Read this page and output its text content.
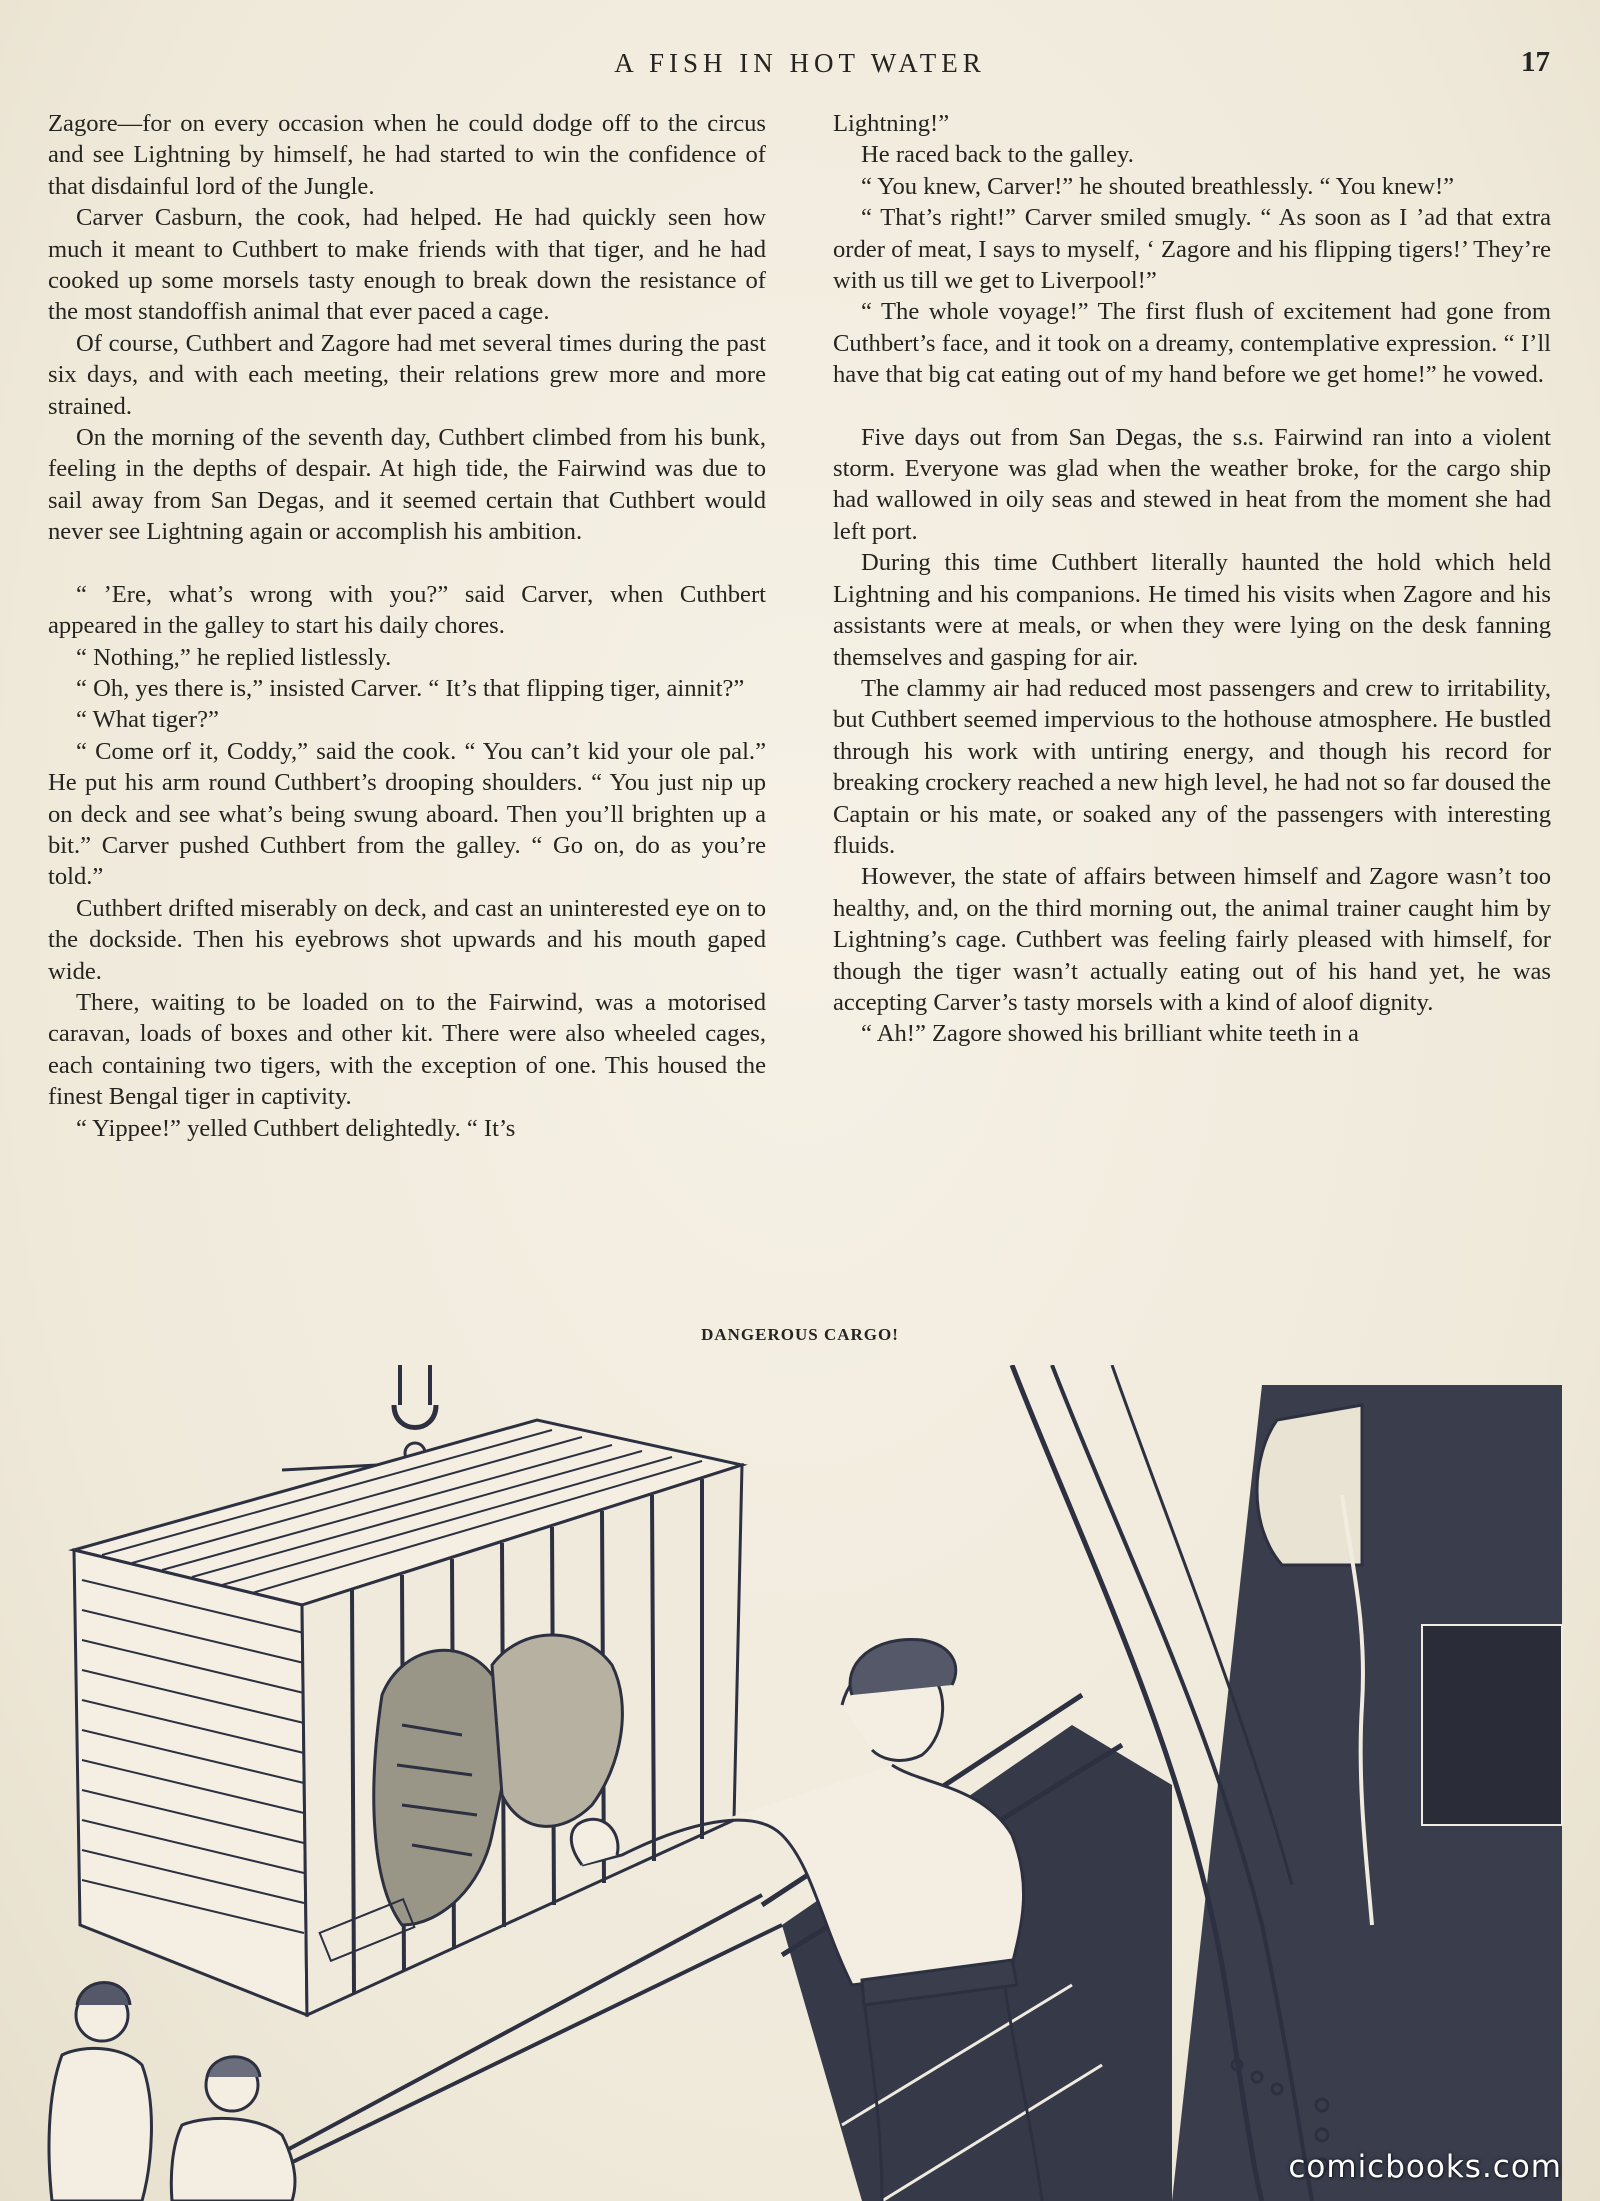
A FISH IN HOT WATER	17

Zagore—for on every occasion when he could dodge off to the circus and see Lightning by himself, he had started to win the confidence of that disdainful lord of the Jungle.

Carver Casburn, the cook, had helped. He had quickly seen how much it meant to Cuthbert to make friends with that tiger, and he had cooked up some morsels tasty enough to break down the resistance of the most standoffish animal that ever paced a cage.

Of course, Cuthbert and Zagore had met several times during the past six days, and with each meeting, their relations grew more and more strained.

On the morning of the seventh day, Cuthbert climbed from his bunk, feeling in the depths of despair. At high tide, the Fairwind was due to sail away from San Degas, and it seemed certain that Cuthbert would never see Lightning again or accomplish his ambition.

“ ’Ere, what’s wrong with you?” said Carver, when Cuthbert appeared in the galley to start his daily chores.

“ Nothing,” he replied listlessly.

“ Oh, yes there is,” insisted Carver. “ It’s that flipping tiger, ainnit?”

“ What tiger?”

“ Come orf it, Coddy,” said the cook. “ You can’t kid your ole pal.” He put his arm round Cuthbert’s drooping shoulders. “ You just nip up on deck and see what’s being swung aboard. Then you’ll brighten up a bit.” Carver pushed Cuthbert from the galley. “ Go on, do as you’re told.”

Cuthbert drifted miserably on deck, and cast an uninterested eye on to the dockside. Then his eyebrows shot upwards and his mouth gaped wide.

There, waiting to be loaded on to the Fairwind, was a motorised caravan, loads of boxes and other kit. There were also wheeled cages, each containing two tigers, with the exception of one. This housed the finest Bengal tiger in captivity.

“ Yippee!” yelled Cuthbert delightedly. “ It’s

Lightning!”

He raced back to the galley.

“ You knew, Carver!” he shouted breathlessly. “ You knew!”

“ That’s right!” Carver smiled smugly. “ As soon as I ’ad that extra order of meat, I says to myself, ‘ Zagore and his flipping tigers!’ They’re with us till we get to Liverpool!”

“ The whole voyage!” The first flush of excitement had gone from Cuthbert’s face, and it took on a dreamy, contemplative expression. “ I’ll have that big cat eating out of my hand before we get home!” he vowed.

Five days out from San Degas, the s.s. Fairwind ran into a violent storm. Everyone was glad when the weather broke, for the cargo ship had wallowed in oily seas and stewed in heat from the moment she had left port.

During this time Cuthbert literally haunted the hold which held Lightning and his companions. He timed his visits when Zagore and his assistants were at meals, or when they were lying on the desk fanning themselves and gasping for air.

The clammy air had reduced most passengers and crew to irritability, but Cuthbert seemed impervious to the hothouse atmosphere. He bustled through his work with untiring energy, and though his record for breaking crockery reached a new high level, he had not so far doused the Captain or his mate, or soaked any of the passengers with interesting fluids.

However, the state of affairs between himself and Zagore wasn’t too healthy, and, on the third morning out, the animal trainer caught him by Lightning’s cage. Cuthbert was feeling fairly pleased with himself, for though the tiger wasn’t actually eating out of his hand yet, he was accepting Carver’s tasty morsels with a kind of aloof dignity.

“ Ah!” Zagore showed his brilliant white teeth in a

DANGEROUS CARGO!
comicbooks.com
